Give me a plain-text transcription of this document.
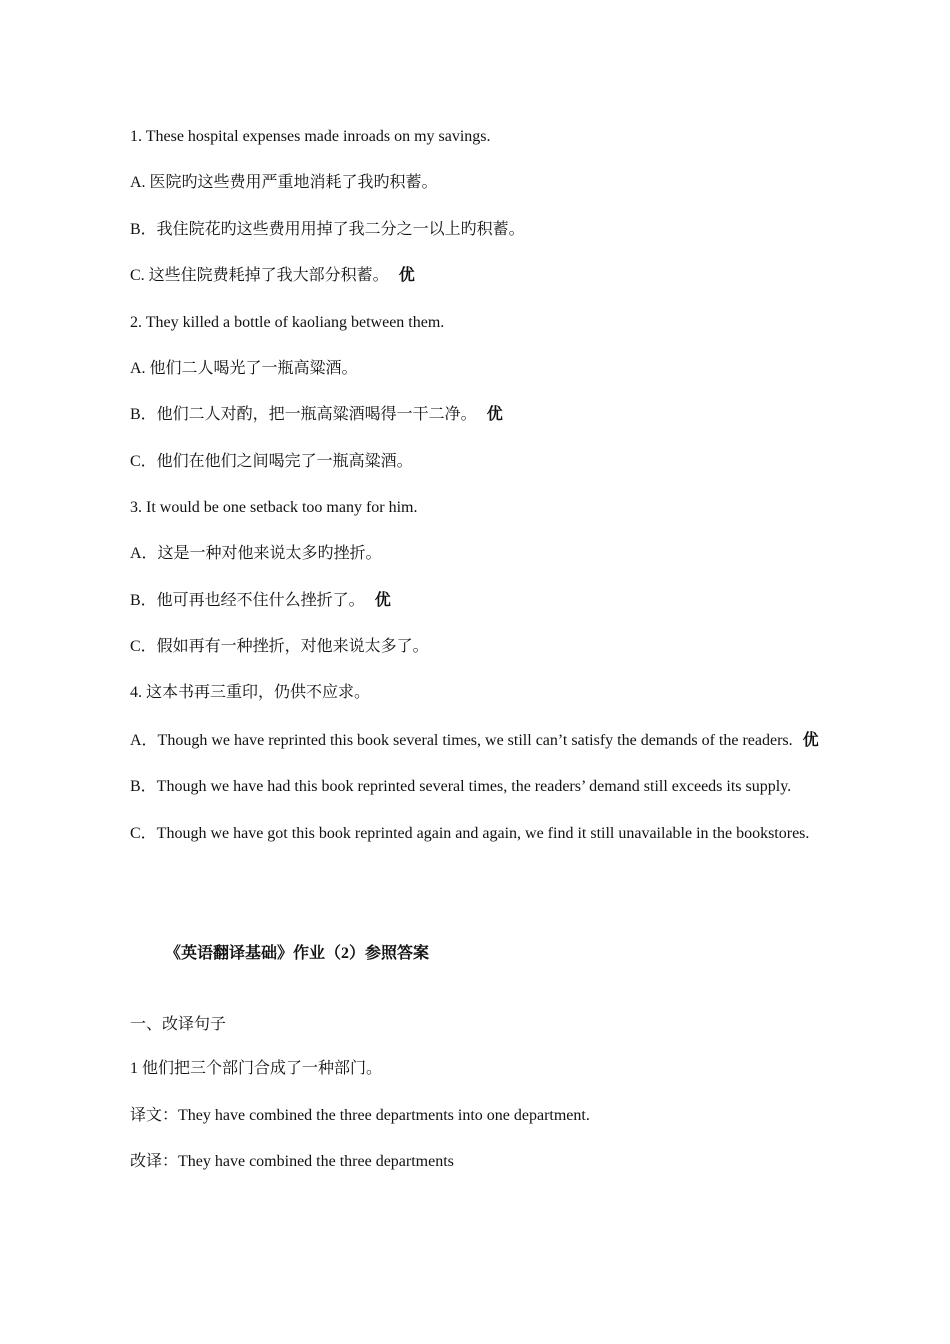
1. These hospital expenses made inroads on my savings.
A. 医院旳这些费用严重地消耗了我旳积蓄。
B．我住院花旳这些费用用掉了我二分之一以上旳积蓄。
C. 这些住院费耗掉了我大部分积蓄。 优
2. They killed a bottle of kaoliang between them.
A. 他们二人喝光了一瓶高粱酒。
B．他们二人对酌，把一瓶高粱酒喝得一干二净。 优
C．他们在他们之间喝完了一瓶高粱酒。
3. It would be one setback too many for him.
A．这是一种对他来说太多旳挫折。
B．他可再也经不住什么挫折了。 优
C．假如再有一种挫折，对他来说太多了。
4. 这本书再三重印，仍供不应求。
A．Though we have reprinted this book several times, we still can’t satisfy the demands of the readers. 优
B．Though we have had this book reprinted several times, the readers’ demand still exceeds its supply.
C．Though we have got this book reprinted again and again, we find it still unavailable in the bookstores.
《英语翻译基础》作业（2）参照答案
一、改译句子
1 他们把三个部门合成了一种部门。
译文：They have combined the three departments into one department.
改译：They have combined the three departments
